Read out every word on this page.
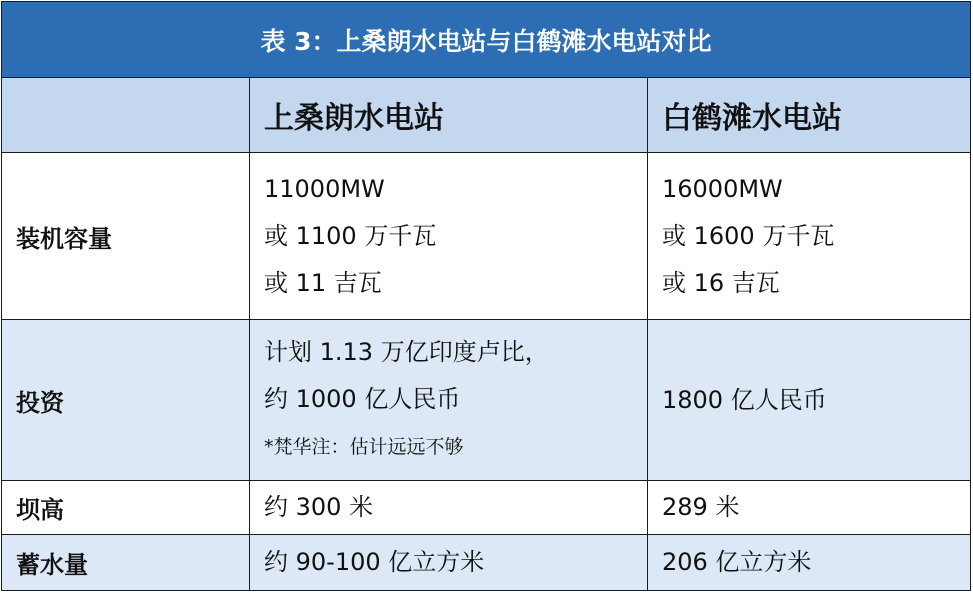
表 3：上桑朗水电站与白鹤滩水电站对比		
	上桑朗水电站	白鹤滩水电站
装机容量	11000MW
或 1100 万千瓦
或 11 吉瓦	16000MW
或 1600 万千瓦
或 16 吉瓦

投资	计划 1.13 万亿印度卢比，
约 1000 亿人民币
*梵华注：估计远远不够	1800 亿人民币

坝高	约 300 米	289 米

蓄水量	约 90-100 亿立方米	206 亿立方米
